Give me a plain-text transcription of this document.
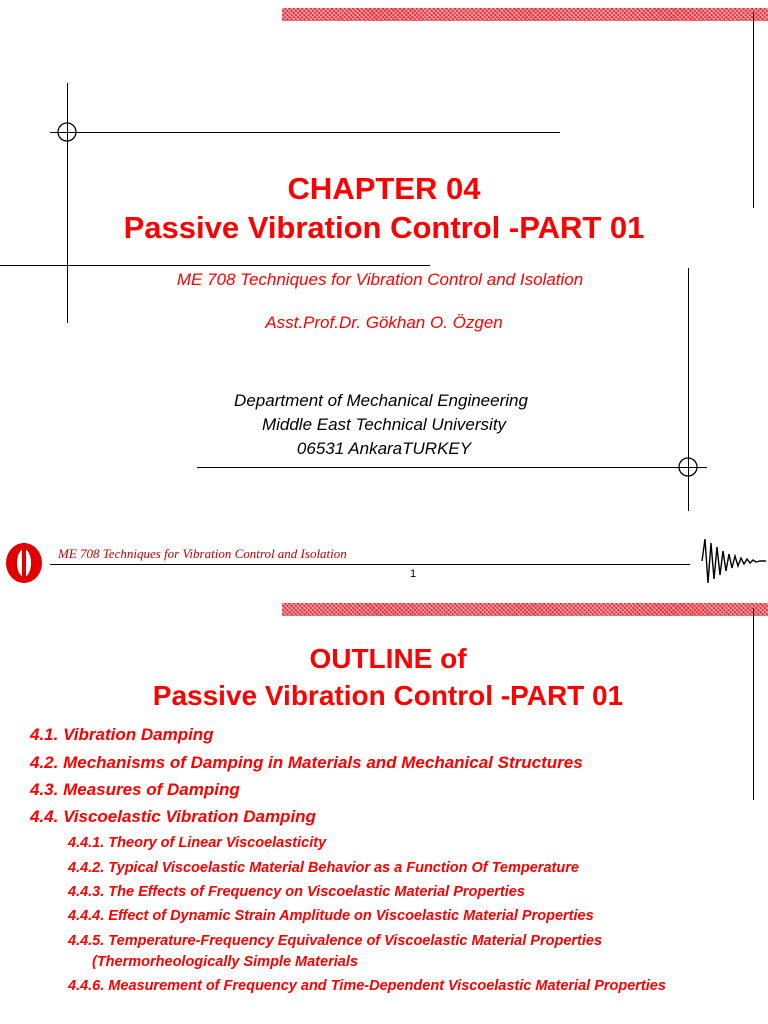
CHAPTER 04
Passive Vibration Control -PART 01
ME 708 Techniques for Vibration Control and Isolation
Asst.Prof.Dr. Gökhan O. Özgen
Department of Mechanical Engineering
Middle East Technical University
06531 AnkaraTURKEY
ME 708 Techniques for Vibration Control and Isolation
1
OUTLINE of
Passive Vibration Control -PART 01
4.1. Vibration Damping
4.2. Mechanisms of Damping in Materials and Mechanical Structures
4.3. Measures of Damping
4.4. Viscoelastic Vibration Damping
4.4.1. Theory of Linear Viscoelasticity
4.4.2. Typical Viscoelastic Material Behavior as a Function Of Temperature
4.4.3. The Effects of Frequency on Viscoelastic Material Properties
4.4.4. Effect of Dynamic Strain Amplitude on Viscoelastic Material Properties
4.4.5. Temperature-Frequency Equivalence of Viscoelastic Material Properties (Thermorheologically Simple Materials
4.4.6. Measurement of Frequency and Time-Dependent Viscoelastic Material Properties
